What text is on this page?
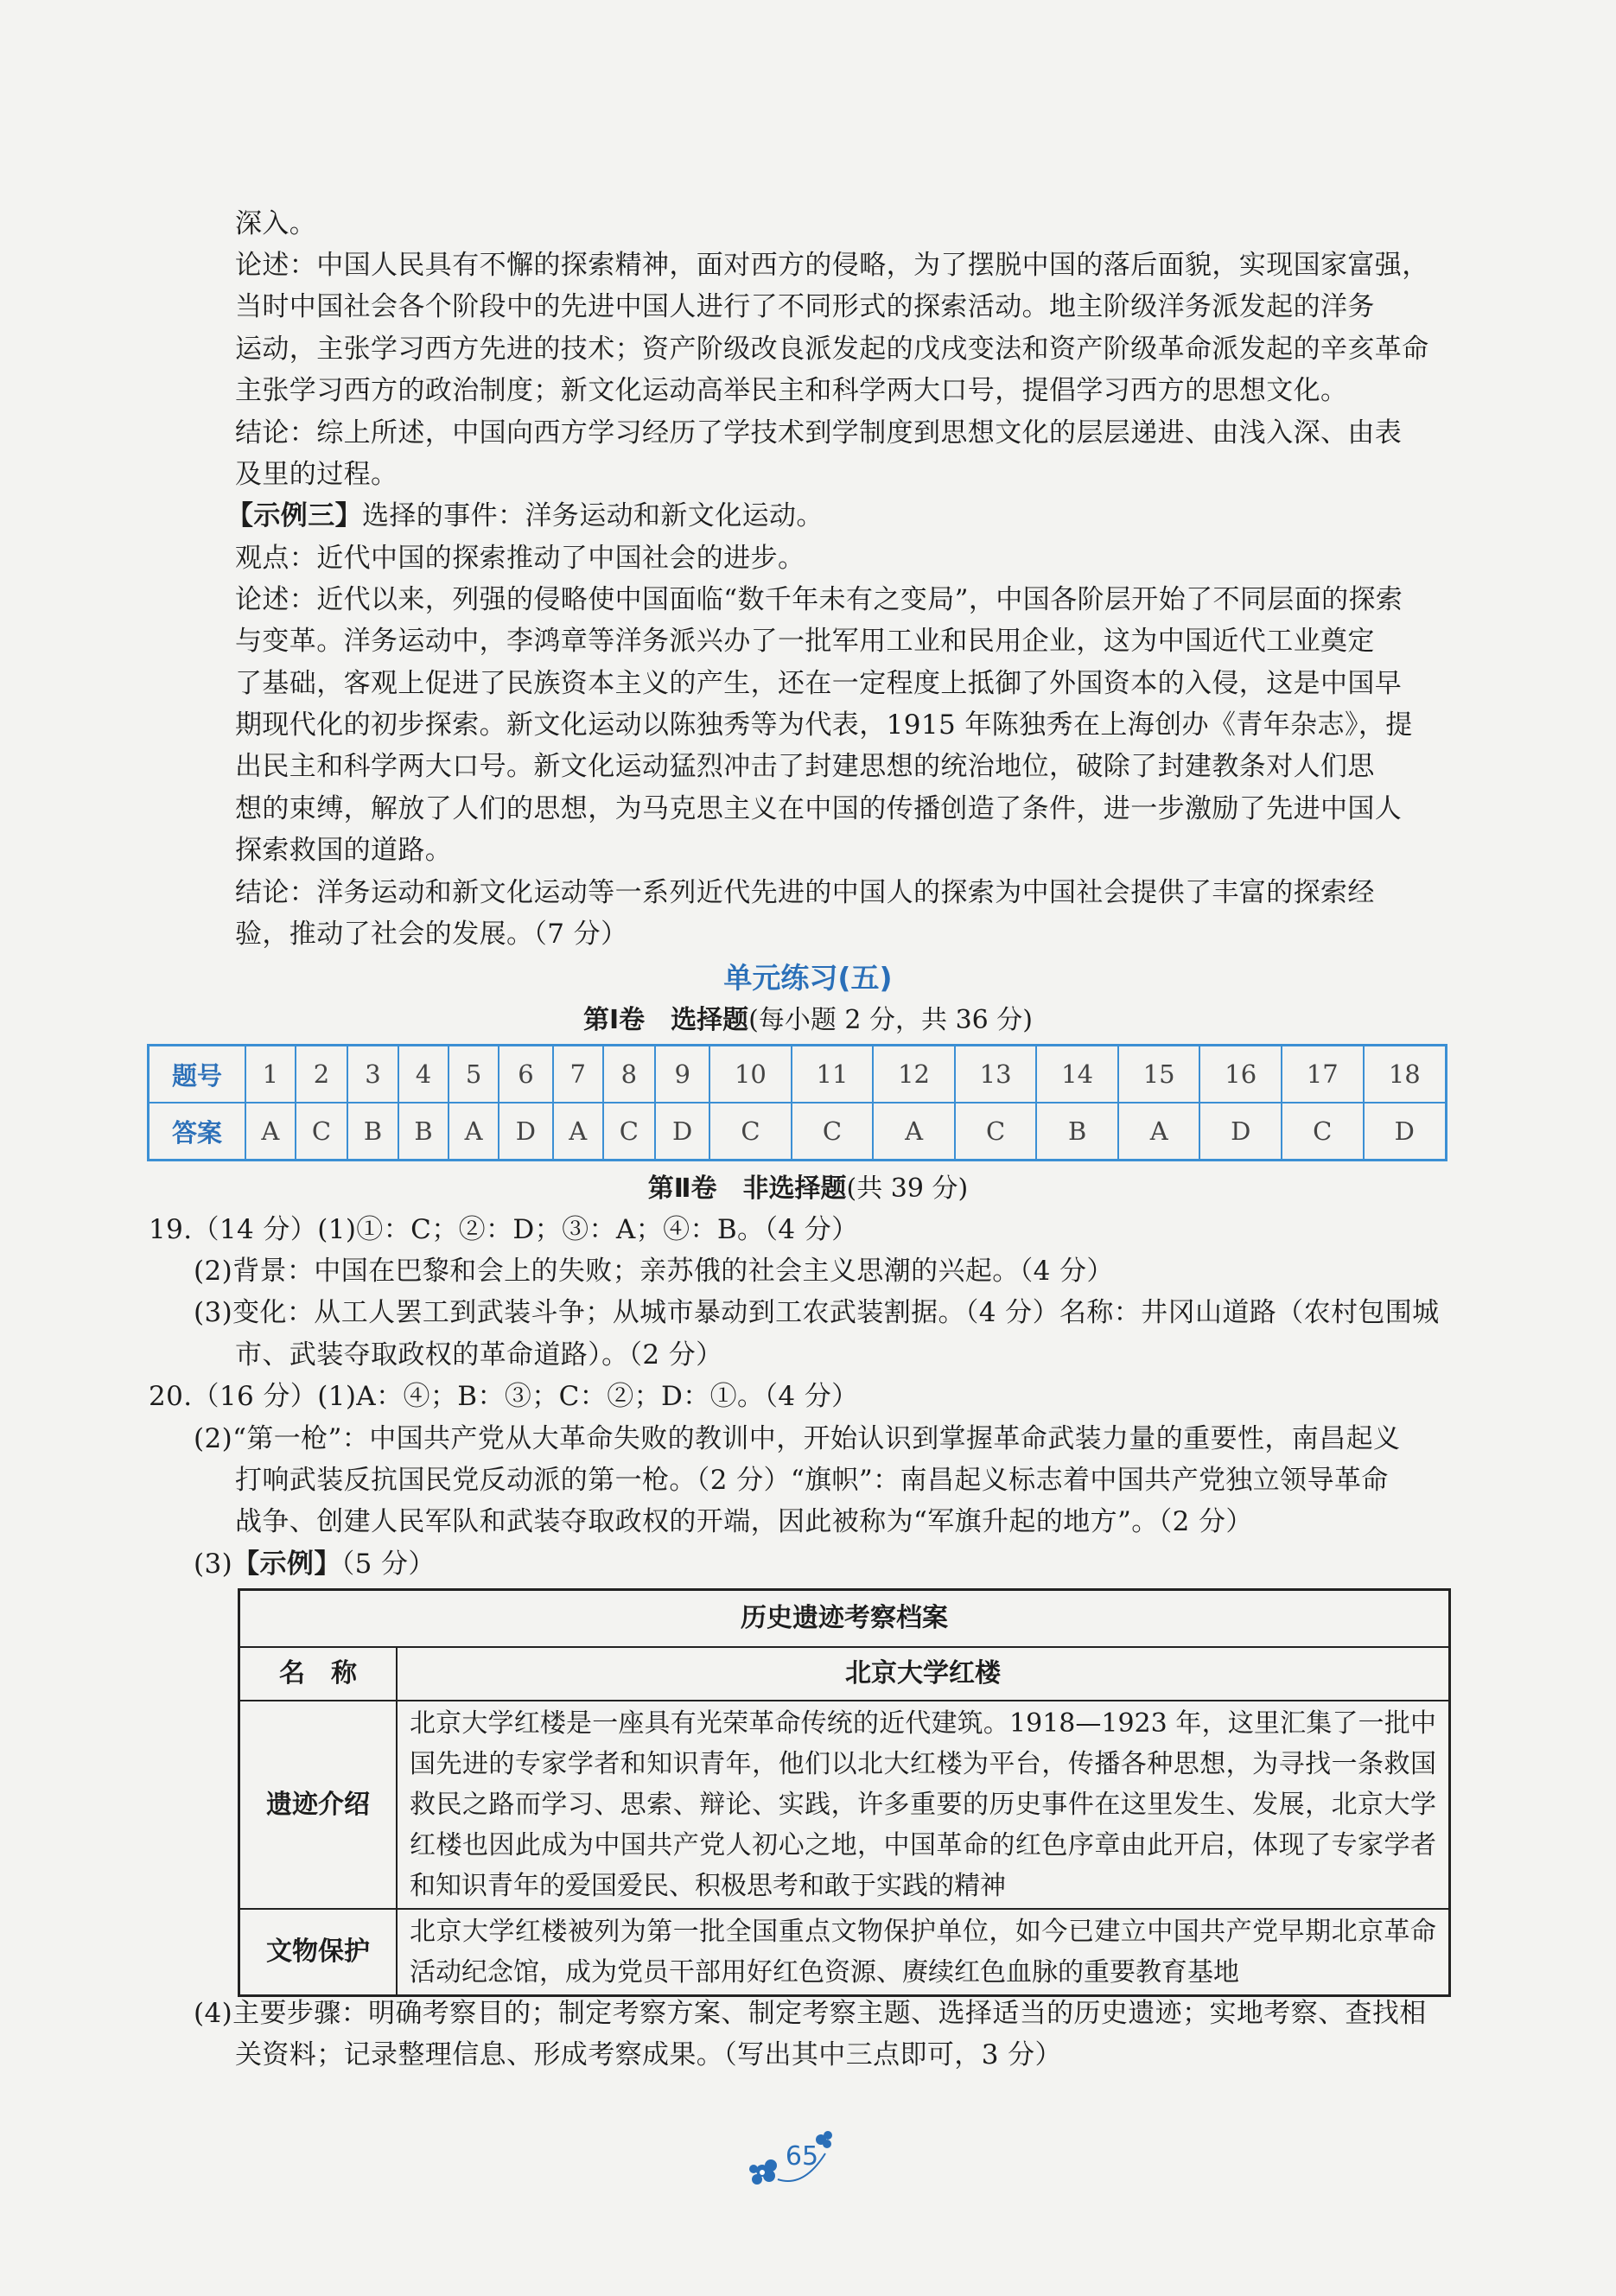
深入。
论述：中国人民具有不懈的探索精神，面对西方的侵略，为了摆脱中国的落后面貌，实现国家富强，
当时中国社会各个阶段中的先进中国人进行了不同形式的探索活动。地主阶级洋务派发起的洋务
运动，主张学习西方先进的技术；资产阶级改良派发起的戊戌变法和资产阶级革命派发起的辛亥革命
主张学习西方的政治制度；新文化运动高举民主和科学两大口号，提倡学习西方的思想文化。
结论：综上所述，中国向西方学习经历了学技术到学制度到思想文化的层层递进、由浅入深、由表
及里的过程。
【示例三】选择的事件：洋务运动和新文化运动。
观点：近代中国的探索推动了中国社会的进步。
论述：近代以来，列强的侵略使中国面临“数千年未有之变局”，中国各阶层开始了不同层面的探索
与变革。洋务运动中，李鸿章等洋务派兴办了一批军用工业和民用企业，这为中国近代工业奠定
了基础，客观上促进了民族资本主义的产生，还在一定程度上抵御了外国资本的入侵，这是中国早
期现代化的初步探索。新文化运动以陈独秀等为代表，1915 年陈独秀在上海创办《青年杂志》，提
出民主和科学两大口号。新文化运动猛烈冲击了封建思想的统治地位，破除了封建教条对人们思
想的束缚，解放了人们的思想，为马克思主义在中国的传播创造了条件，进一步激励了先进中国人
探索救国的道路。
结论：洋务运动和新文化运动等一系列近代先进的中国人的探索为中国社会提供了丰富的探索经
验，推动了社会的发展。（7 分）
单元练习(五)
第Ⅰ卷　选择题(每小题 2 分，共 36 分)
题号	1	2	3	4	5	6	7	8	9	10	11	12	13	14	15	16	17	18
答案	A	C	B	B	A	D	A	C	D	C	C	A	C	B	A	D	C	D
第Ⅱ卷　非选择题(共 39 分)
19.（14 分）(1)①：C；②：D；③：A；④：B。（4 分）
(2)背景：中国在巴黎和会上的失败；亲苏俄的社会主义思潮的兴起。（4 分）
(3)变化：从工人罢工到武装斗争；从城市暴动到工农武装割据。（4 分）名称：井冈山道路（农村包围城
市、武装夺取政权的革命道路）。（2 分）
20.（16 分）(1)A：④；B：③；C：②；D：①。（4 分）
(2)“第一枪”：中国共产党从大革命失败的教训中，开始认识到掌握革命武装力量的重要性，南昌起义
打响武装反抗国民党反动派的第一枪。（2 分）“旗帜”：南昌起义标志着中国共产党独立领导革命
战争、创建人民军队和武装夺取政权的开端，因此被称为“军旗升起的地方”。（2 分）
(3)【示例】（5 分）
历史遗迹考察档案	
名　称	北京大学红楼
遗迹介绍	北京大学红楼是一座具有光荣革命传统的近代建筑。1918—1923 年，这里汇集了一批中国先进的专家学者和知识青年，他们以北大红楼为平台，传播各种思想，为寻找一条救国救民之路而学习、思索、辩论、实践，许多重要的历史事件在这里发生、发展，北京大学红楼也因此成为中国共产党人初心之地，中国革命的红色序章由此开启，体现了专家学者和知识青年的爱国爱民、积极思考和敢于实践的精神
文物保护	北京大学红楼被列为第一批全国重点文物保护单位，如今已建立中国共产党早期北京革命活动纪念馆，成为党员干部用好红色资源、赓续红色血脉的重要教育基地
(4)主要步骤：明确考察目的；制定考察方案、制定考察主题、选择适当的历史遗迹；实地考察、查找相
关资料；记录整理信息、形成考察成果。（写出其中三点即可，3 分）
65
